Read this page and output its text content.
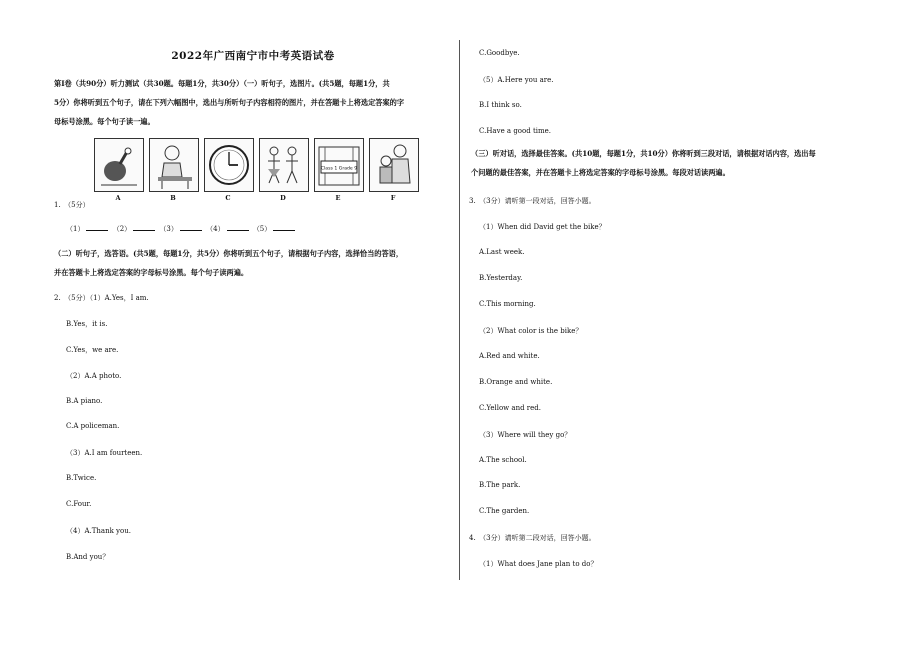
2022年广西南宁市中考英语试卷
第I卷（共90分）听力测试（共30题。每题1分，共30分）（一）听句子，选图片。(共5题，每题1分，共
5分）你将听到五个句子，请在下列六幅图中，选出与所听句子内容相符的图片，并在答题卡上将选定答案的字
母标号涂黑。每个句子读一遍。
Class 1 Grade 9
A	B	C	D	E	F
1.　（5分）
（1）	（2）	（3）	（4）	（5）
（二）听句子，选答语。(共5题，每题1分，共5分）你将听到五个句子，请根据句子内容，选择恰当的答语，
并在答题卡上将选定答案的字母标号涂黑。每个句子读两遍。
2.　（5分）（1）A.Yes，I am.
B.Yes，it is.
C.Yes，we are.
（2）A.A photo.
B.A piano.
C.A policeman.
（3）A.I am fourteen.
B.Twice.
C.Four.
（4）A.Thank you.
B.And you？
C.Goodbye.
（5）A.Here you are.
B.I think so.
C.Have a good time.
（三）听对话，选择最佳答案。(共10题，每题1分，共10分）你将听到三段对话，请根据对话内容，选出每
个问题的最佳答案，并在答题卡上将选定答案的字母标号涂黑。每段对话读两遍。
3.　（3分）请听第一段对话，回答小题。
（1）When did David get the bike？
A.Last week.
B.Yesterday.
C.This morning.
（2）What color is the bike？
A.Red and white.
B.Orange and white.
C.Yellow and red.
（3）Where will they go？
A.The school.
B.The park.
C.The garden.
4.　（3分）请听第二段对话，回答小题。
（1）What does Jane plan to do？
